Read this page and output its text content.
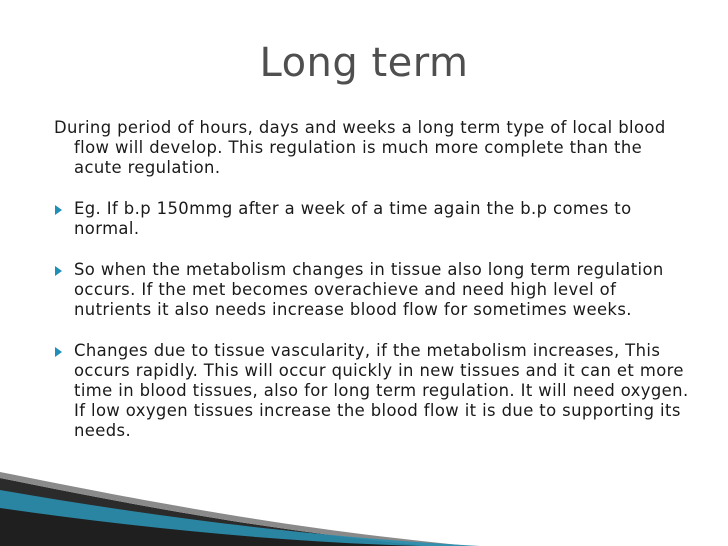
Long term

During period of hours, days and weeks a long term type of local blood flow will develop. This regulation is much more complete than the acute regulation.

Eg. If b.p 150mmg after a week of a time again the b.p comes to normal.
So when the metabolism changes in tissue also long term regulation occurs. If the met becomes overachieve and need high level of nutrients it also needs increase blood flow for sometimes weeks.
Changes due to tissue vascularity, if the metabolism increases, This occurs rapidly. This will occur quickly in new tissues and it can et more time in blood tissues, also for long term regulation. It will need oxygen. If low oxygen tissues increase the blood flow it is due to supporting its needs.
